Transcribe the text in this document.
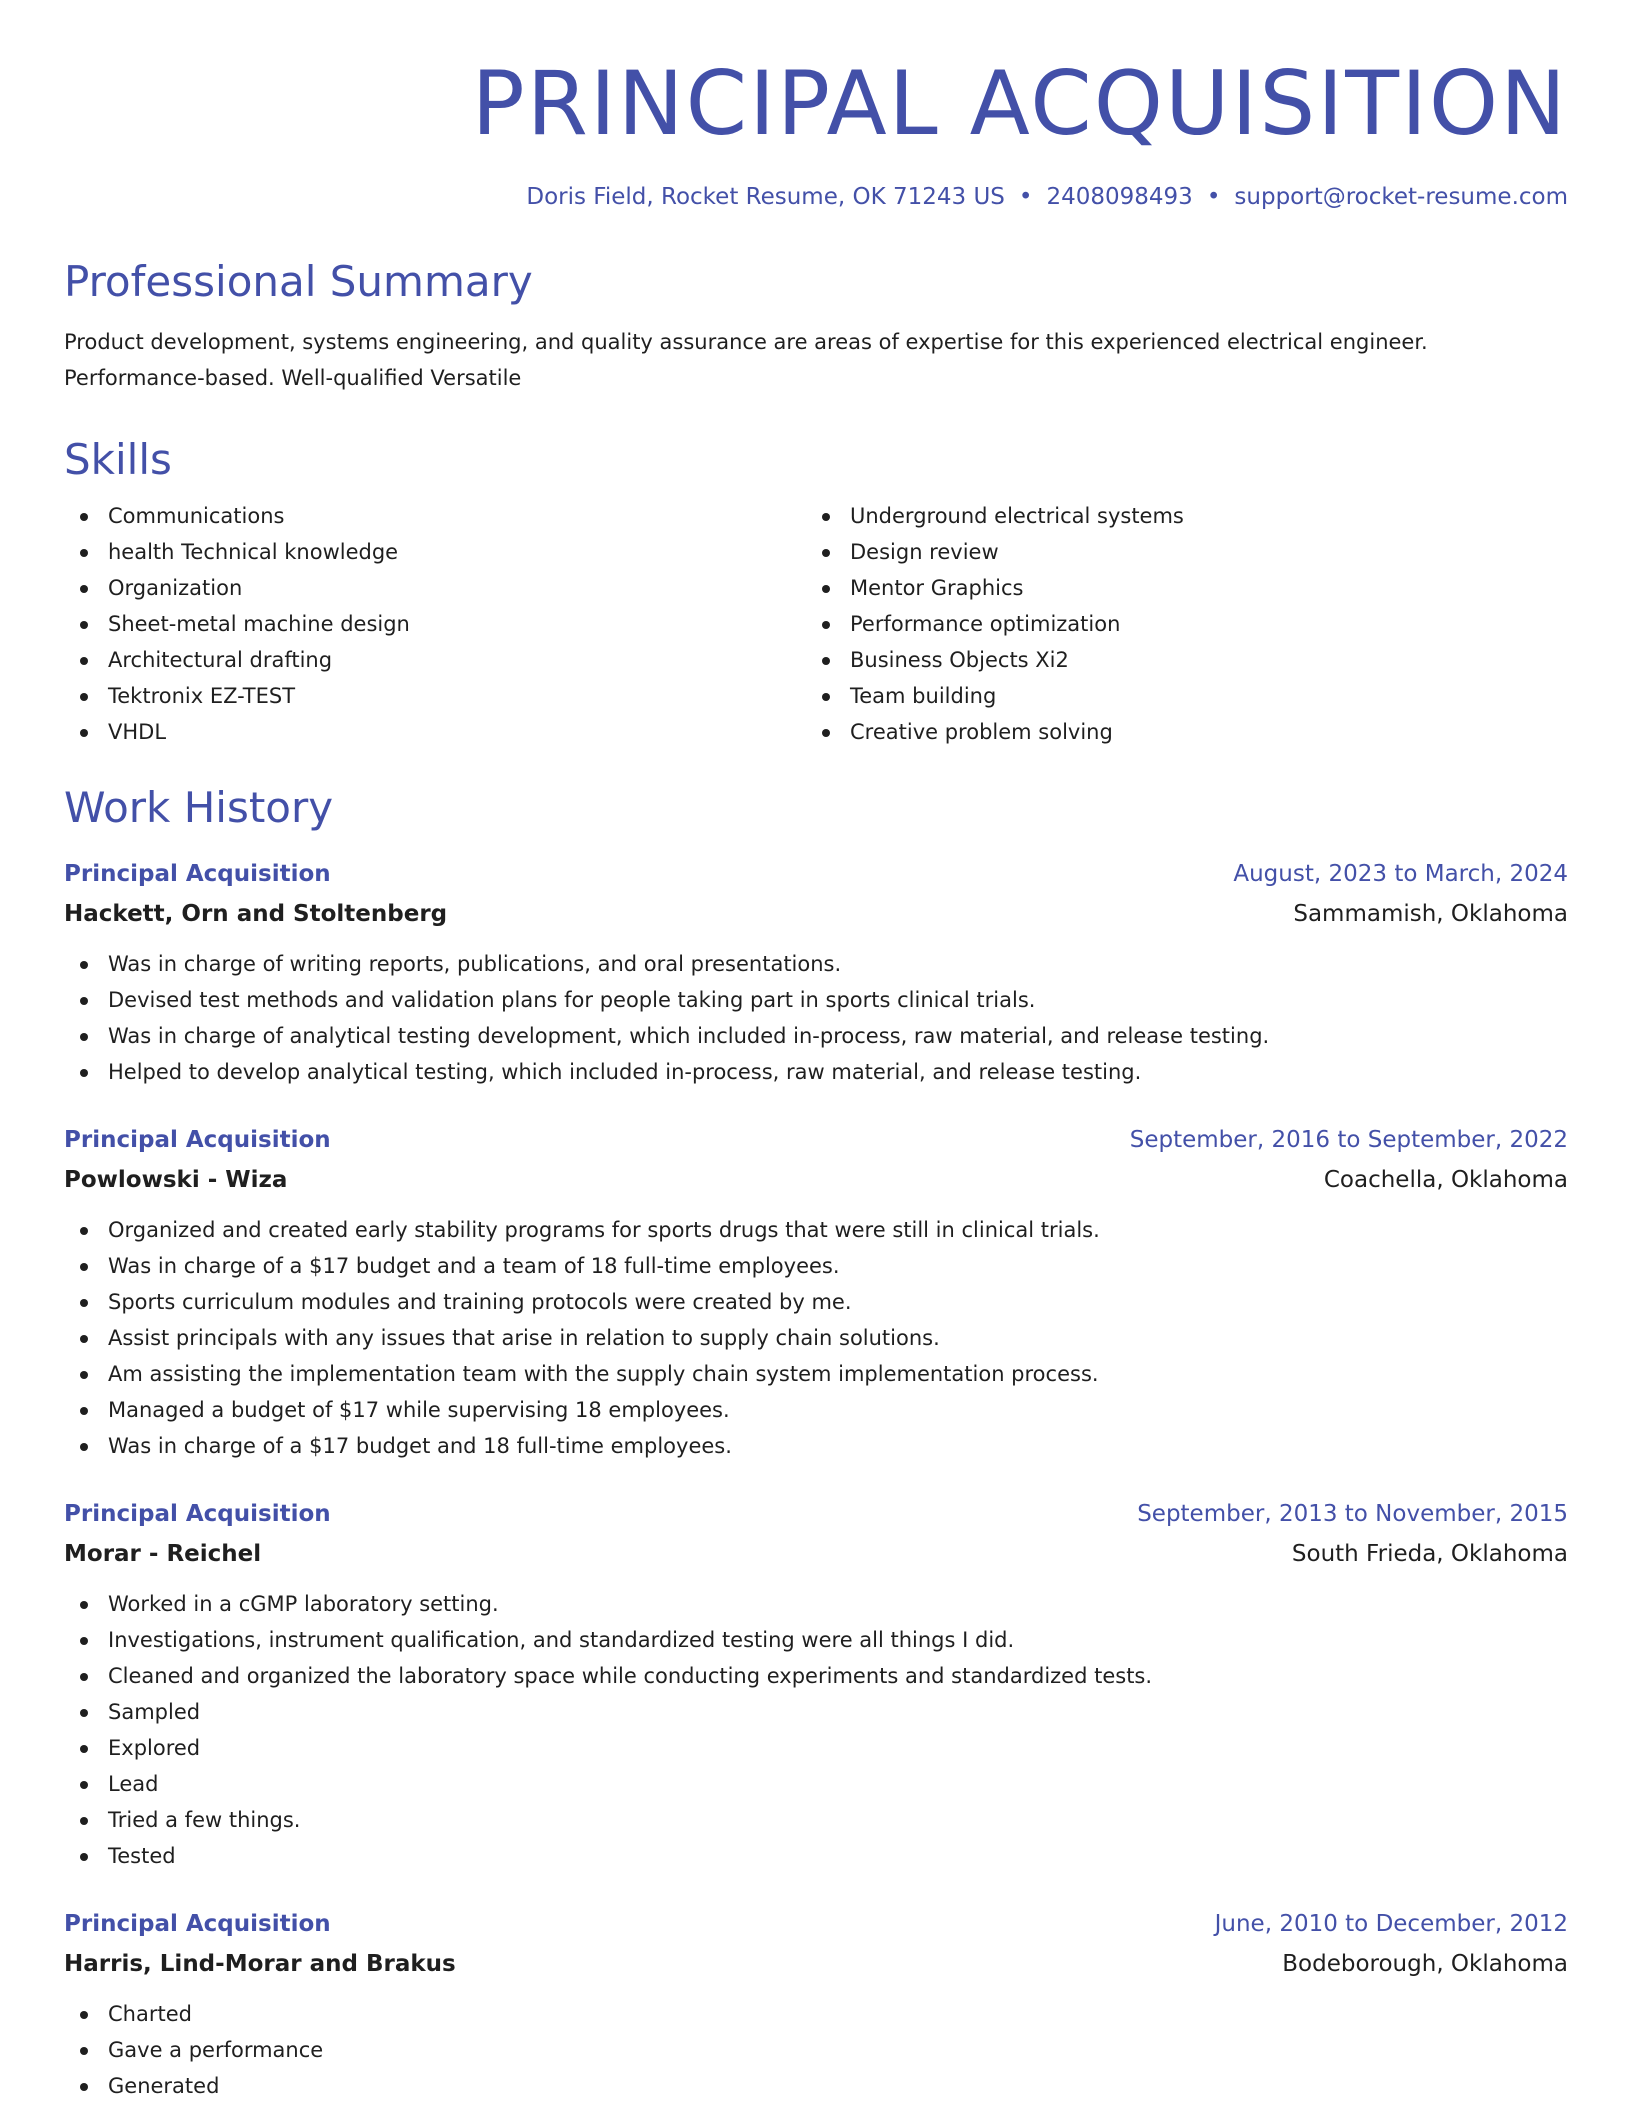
PRINCIPAL ACQUISITION
Doris Field, Rocket Resume, OK 71243 US • 2408098493 • support@rocket-resume.com
Professional Summary

Product development, systems engineering, and quality assurance are areas of expertise for this experienced electrical engineer. Performance-based. Well-qualified Versatile

Skills
Communications
health Technical knowledge
Organization
Sheet-metal machine design
Architectural drafting
Tektronix EZ-TEST
VHDL
Underground electrical systems
Design review
Mentor Graphics
Performance optimization
Business Objects Xi2
Team building
Creative problem solving
Work History
Principal Acquisition	August, 2023 to March, 2024
Hackett, Orn and Stoltenberg	Sammamish, Oklahoma
Was in charge of writing reports, publications, and oral presentations.
Devised test methods and validation plans for people taking part in sports clinical trials.
Was in charge of analytical testing development, which included in-process, raw material, and release testing.
Helped to develop analytical testing, which included in-process, raw material, and release testing.
Principal Acquisition	September, 2016 to September, 2022
Powlowski - Wiza	Coachella, Oklahoma
Organized and created early stability programs for sports drugs that were still in clinical trials.
Was in charge of a $17 budget and a team of 18 full-time employees.
Sports curriculum modules and training protocols were created by me.
Assist principals with any issues that arise in relation to supply chain solutions.
Am assisting the implementation team with the supply chain system implementation process.
Managed a budget of $17 while supervising 18 employees.
Was in charge of a $17 budget and 18 full-time employees.
Principal Acquisition	September, 2013 to November, 2015
Morar - Reichel	South Frieda, Oklahoma
Worked in a cGMP laboratory setting.
Investigations, instrument qualification, and standardized testing were all things I did.
Cleaned and organized the laboratory space while conducting experiments and standardized tests.
Sampled
Explored
Lead
Tried a few things.
Tested
Principal Acquisition	June, 2010 to December, 2012
Harris, Lind-Morar and Brakus	Bodeborough, Oklahoma
Charted
Gave a performance
Generated
